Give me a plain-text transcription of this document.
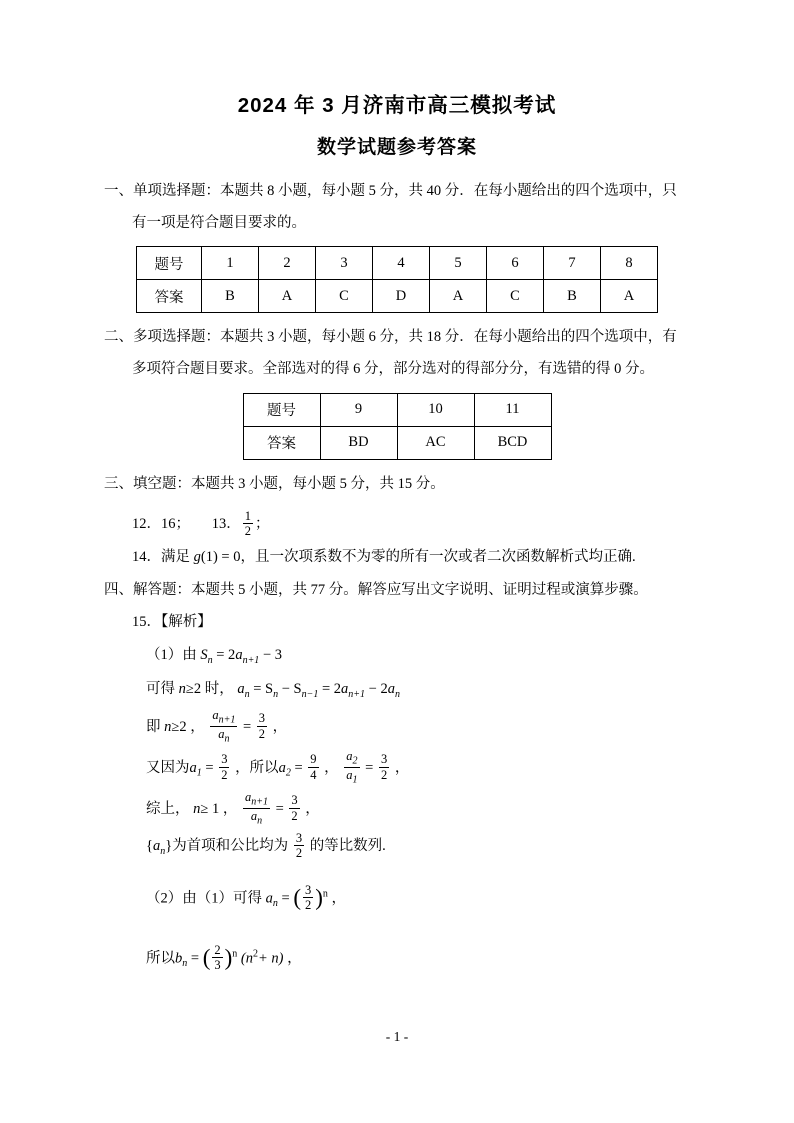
2024 年 3 月济南市高三模拟考试
数学试题参考答案

一、单项选择题：本题共 8 小题，每小题 5 分，共 40 分．在每小题给出的四个选项中，只

有一项是符合题目要求的。

题号	1	2	3	4	5	6	7	8
答案	B	A	C	D	A	C	B	A

二、多项选择题：本题共 3 小题，每小题 6 分，共 18 分．在每小题给出的四个选项中，有

多项符合题目要求。全部选对的得 6 分，部分选对的得部分分，有选错的得 0 分。

题号	9	10	11
答案	BD	AC	BCD

三、填空题：本题共 3 小题，每小题 5 分，共 15 分。

12．16； 13． $\frac{1}{2}$ ；
14．满足 g(1) = 0，且一次项系数不为零的所有一次或者二次函数解析式均正确.

四、解答题：本题共 5 小题，共 77 分。解答应写出文字说明、证明过程或演算步骤。

15．【解析】
（1）由 $S_n = 2a_{n+1} - 3$
可得 n≥2 时， $a_n = S_n - S_{n-1} = 2a_{n+1} - 2a_n$
即 n≥2 ， $\frac{a_{n+1}}{a_n} = \frac{3}{2}$ ，
又因为$a_1 = \frac{3}{2}$ ，所以$a_2 = \frac{9}{4}$ ， $\frac{a_2}{a_1} = \frac{3}{2}$ ，
综上， n≥ 1 ， $\frac{a_{n+1}}{a_n} = \frac{3}{2}$ ，
$\{a_n\}$为首项和公比均为 $\frac{3}{2}$ 的等比数列.
（2）由（1）可得 $a_n$ = ( $\frac{3}{2} )^n$ ，
所以$b_n$ = ( $\frac{2}{3} )^n$ $(n^2+ n)$ ，
- 1 -
